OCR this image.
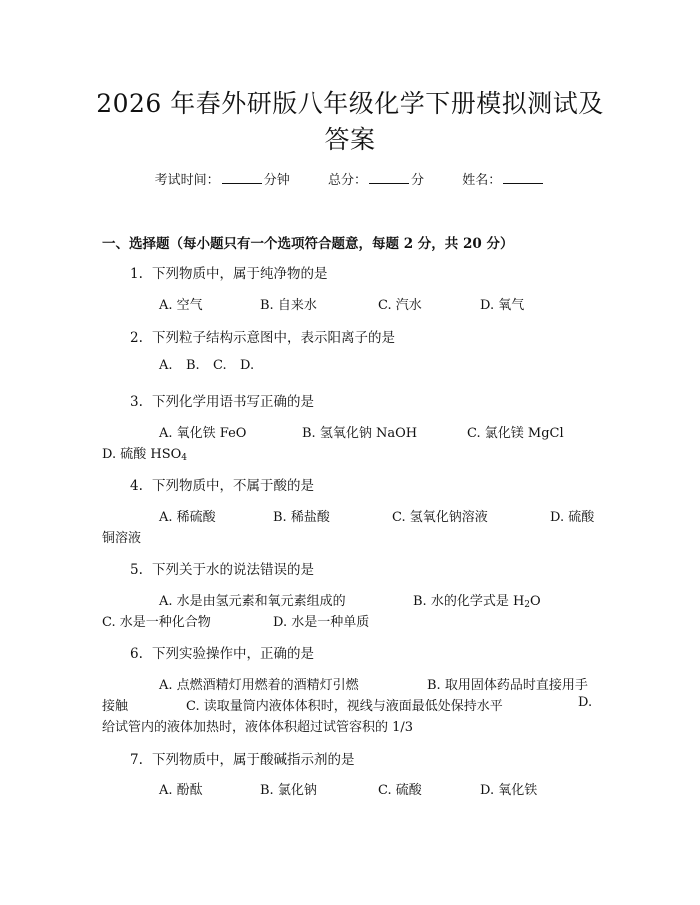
2026 年春外研版八年级化学下册模拟测试及
答案
考试时间：	分钟	总分：	分	姓名：
一、选择题（每小题只有一个选项符合题意，每题 2 分，共 20 分）
1. 下列物质中，属于纯净物的是
A. 空气	B. 自来水	C. 汽水	D. 氧气
2. 下列粒子结构示意图中，表示阳离子的是
A. B. C. D.
3. 下列化学用语书写正确的是
A. 氧化铁 FeO	B. 氢氧化钠 NaOH	C. 氯化镁 MgCl
D. 硫酸 $HSO_4$
4. 下列物质中，不属于酸的是
A. 稀硫酸	B. 稀盐酸	C. 氢氧化钠溶液	D. 硫酸
铜溶液
5. 下列关于水的说法错误的是
A. 水是由氢元素和氧元素组成的	B. 水的化学式是 $H_2O$
C. 水是一种化合物	D. 水是一种单质
6. 下列实验操作中，正确的是
A. 点燃酒精灯用燃着的酒精灯引燃	B. 取用固体药品时直接用手
接触	C. 读取量筒内液体体积时，视线与液面最低处保持水平	D.
给试管内的液体加热时，液体体积超过试管容积的 1/3
7. 下列物质中，属于酸碱指示剂的是
A. 酚酞	B. 氯化钠	C. 硫酸	D. 氧化铁
